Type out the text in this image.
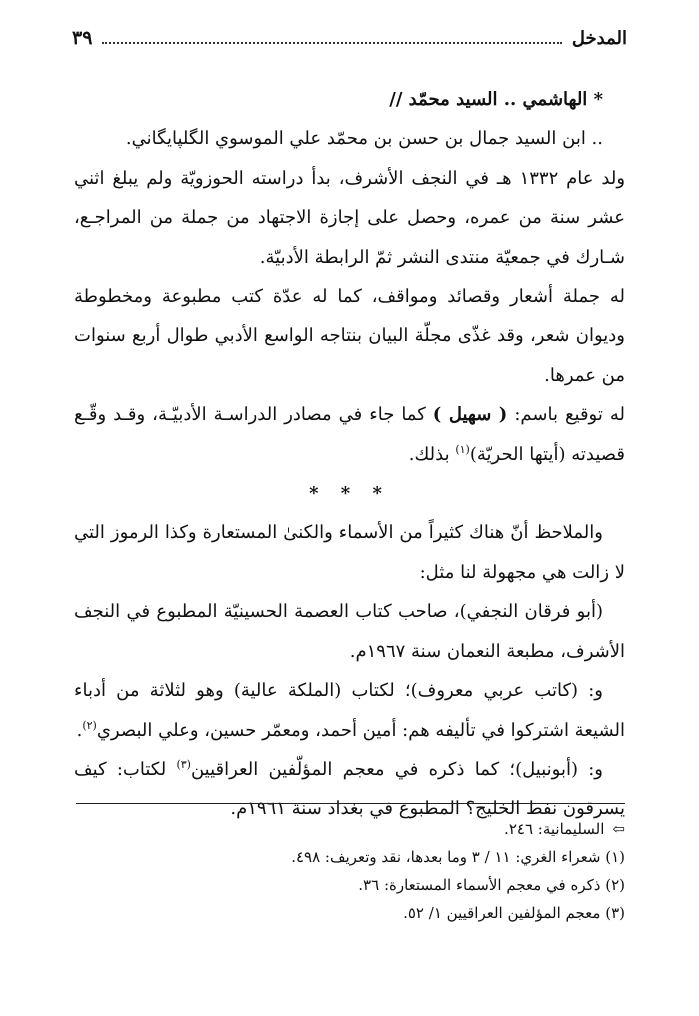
المدخل
٣٩

* الهاشمي .. السيد محمّد //

.. ابن السيد جمال بن حسن بن محمّد علي الموسوي الگلپايگاني.

ولد عام ١٣٣٢ هـ في النجف الأشرف، بدأ دراسته الحوزويّة ولم يبلغ اثني عشر سنة من عمره، وحصل على إجازة الاجتهاد من جملة من المراجـع، شـارك في جمعيّة منتدى النشر ثمّ الرابطة الأدبيّة.

له جملة أشعار وقصائد ومواقف، كما له عدّة كتب مطبوعة ومخطوطة وديوان شعر، وقد غذّى مجلّة البيان بنتاجه الواسع الأدبي طوال أربع سنوات من عمرها.

له توقيع باسم: ( سهيل ) كما جاء في مصادر الدراسـة الأدبيّـة، وقـد وقّـع قصيدته (أيتها الحريّة)$^{(١)}$ بذلك.

* * *

والملاحظ أنّ هناك كثيراً من الأسماء والكنىٰ المستعارة وكذا الرموز التي لا زالت هي مجهولة لنا مثل:

(أبو فرقان النجفي)، صاحب كتاب العصمة الحسينيّة المطبوع في النجف الأشرف، مطبعة النعمان سنة ١٩٦٧م.

و: (كاتب عربي معروف)؛ لكتاب (الملكة عالية) وهو لثلاثة من أدباء الشيعة اشتركوا في تأليفه هم: أمين أحمد، ومعمّر حسين، وعلي البصري$^{(٢)}$.

و: (أبونبيل)؛ كما ذكره في معجم المؤلّفين العراقيين$^{(٣)}$ لكتاب: كيف يسرقون نفط الخليج؟ المطبوع في بغداد سنة ١٩٦١م.

⇦السليمانية: ٢٤٦.

(١) شعراء الغري: ١١ / ٣ وما بعدها، نقد وتعريف: ٤٩٨.

(٢) ذكره في معجم الأسماء المستعارة: ٣٦.

(٣) معجم المؤلفين العراقيين ١/ ٥٢.
